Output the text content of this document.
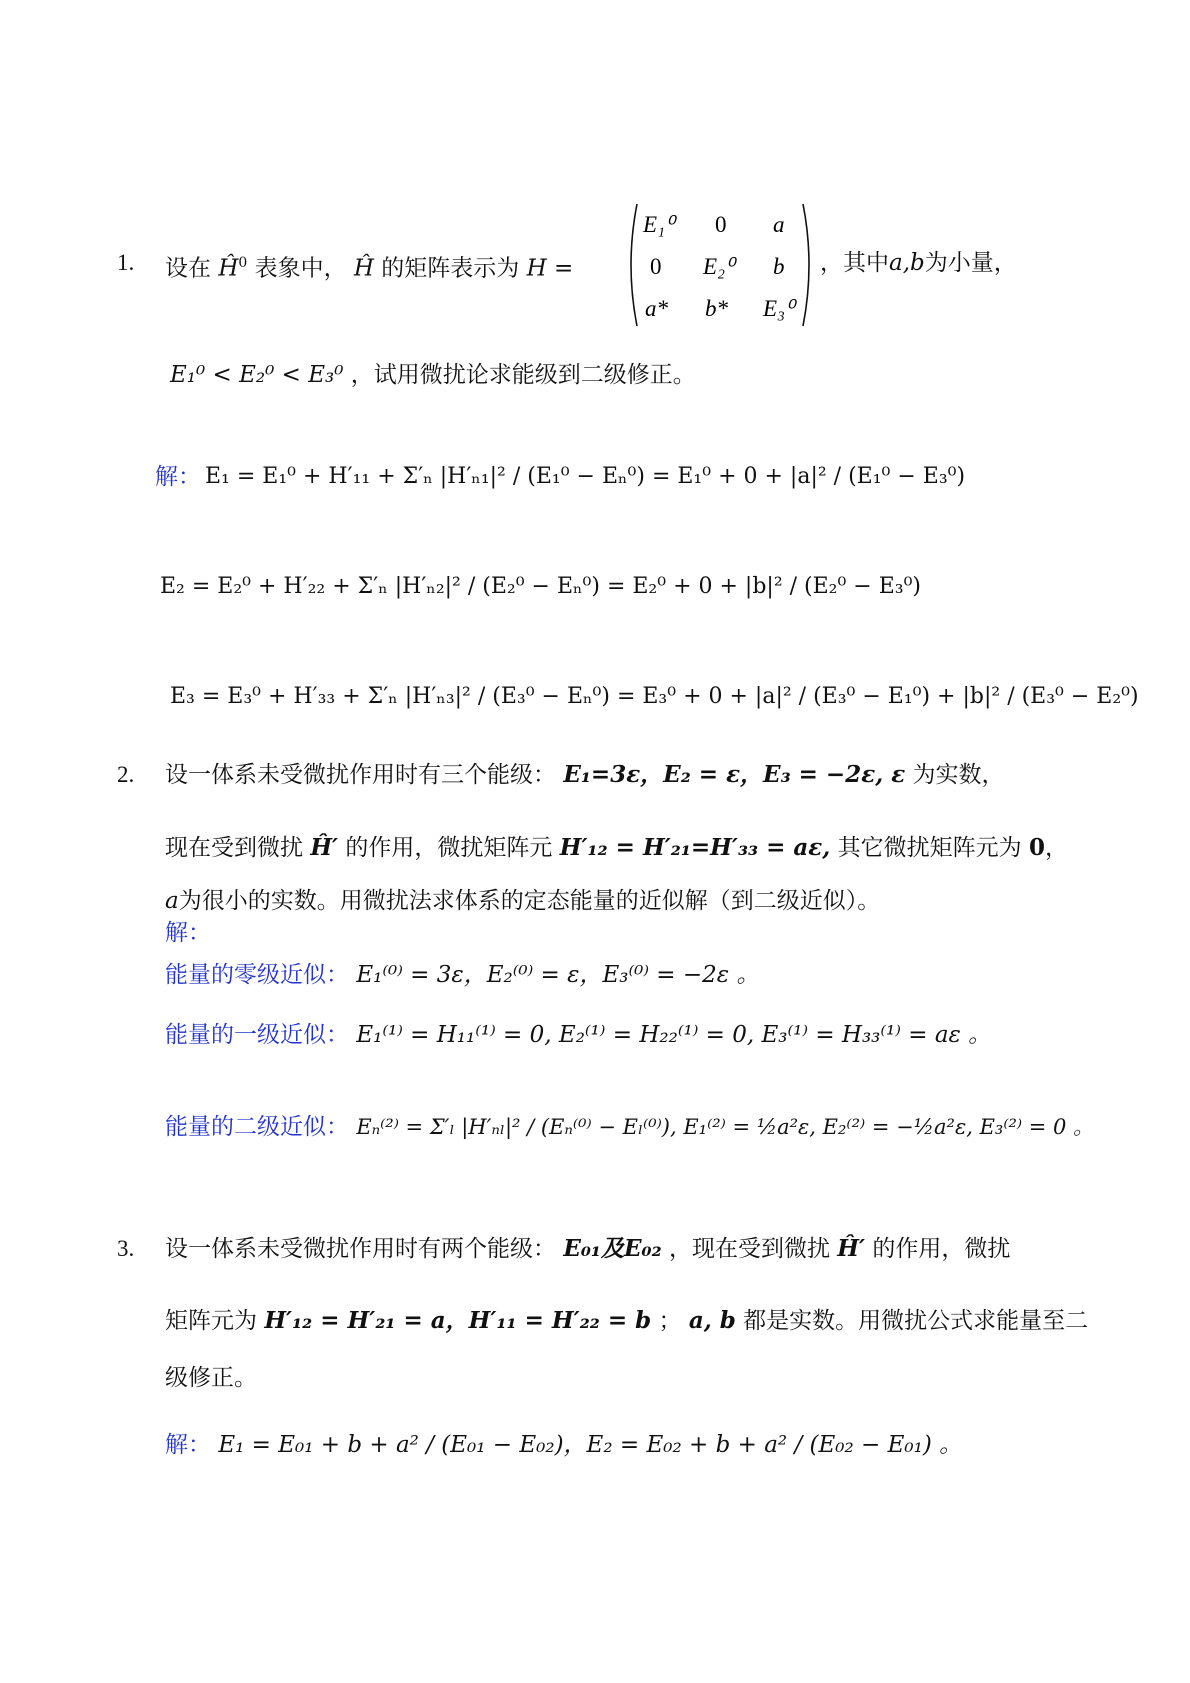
1. 设在 $Ĥ^0$ 表象中， Ĥ 的矩阵表示为 H =
E₁⁰ 0 a
0 E₂⁰ b
a* b* E₃⁰
，其中a,b为小量，
E₁⁰ < E₂⁰ < E₃⁰ ，试用微扰论求能级到二级修正。
解： E₁ = E₁⁰ + H′₁₁ + Σ′ₙ |H′ₙ₁|² / (E₁⁰ − Eₙ⁰) = E₁⁰ + 0 + |a|² / (E₁⁰ − E₃⁰)
E₂ = E₂⁰ + H′₂₂ + Σ′ₙ |H′ₙ₂|² / (E₂⁰ − Eₙ⁰) = E₂⁰ + 0 + |b|² / (E₂⁰ − E₃⁰)
E₃ = E₃⁰ + H′₃₃ + Σ′ₙ |H′ₙ₃|² / (E₃⁰ − Eₙ⁰) = E₃⁰ + 0 + |a|² / (E₃⁰ − E₁⁰) + |b|² / (E₃⁰ − E₂⁰)
2. 设一体系未受微扰作用时有三个能级： E₁=3ε，E₂ = ε，E₃ = −2ε, ε 为实数，
现在受到微扰 Ĥ′ 的作用，微扰矩阵元 H′₁₂ = H′₂₁=H′₃₃ = aε, 其它微扰矩阵元为 0，
a为很小的实数。用微扰法求体系的定态能量的近似解（到二级近似）。
解：
能量的零级近似： E₁⁽⁰⁾ = 3ε，E₂⁽⁰⁾ = ε，E₃⁽⁰⁾ = −2ε 。
能量的一级近似： E₁⁽¹⁾ = H₁₁⁽¹⁾ = 0, E₂⁽¹⁾ = H₂₂⁽¹⁾ = 0, E₃⁽¹⁾ = H₃₃⁽¹⁾ = aε 。
能量的二级近似： Eₙ⁽²⁾ = Σ′ₗ |H′ₙₗ|² / (Eₙ⁽⁰⁾ − Eₗ⁽⁰⁾), E₁⁽²⁾ = ½a²ε, E₂⁽²⁾ = −½a²ε, E₃⁽²⁾ = 0 。
3. 设一体系未受微扰作用时有两个能级： E₀₁及E₀₂ ，现在受到微扰 Ĥ′ 的作用，微扰
矩阵元为 H′₁₂ = H′₂₁ = a，H′₁₁ = H′₂₂ = b ； a, b 都是实数。用微扰公式求能量至二
级修正。
解： E₁ = E₀₁ + b + a² / (E₀₁ − E₀₂)，E₂ = E₀₂ + b + a² / (E₀₂ − E₀₁) 。
